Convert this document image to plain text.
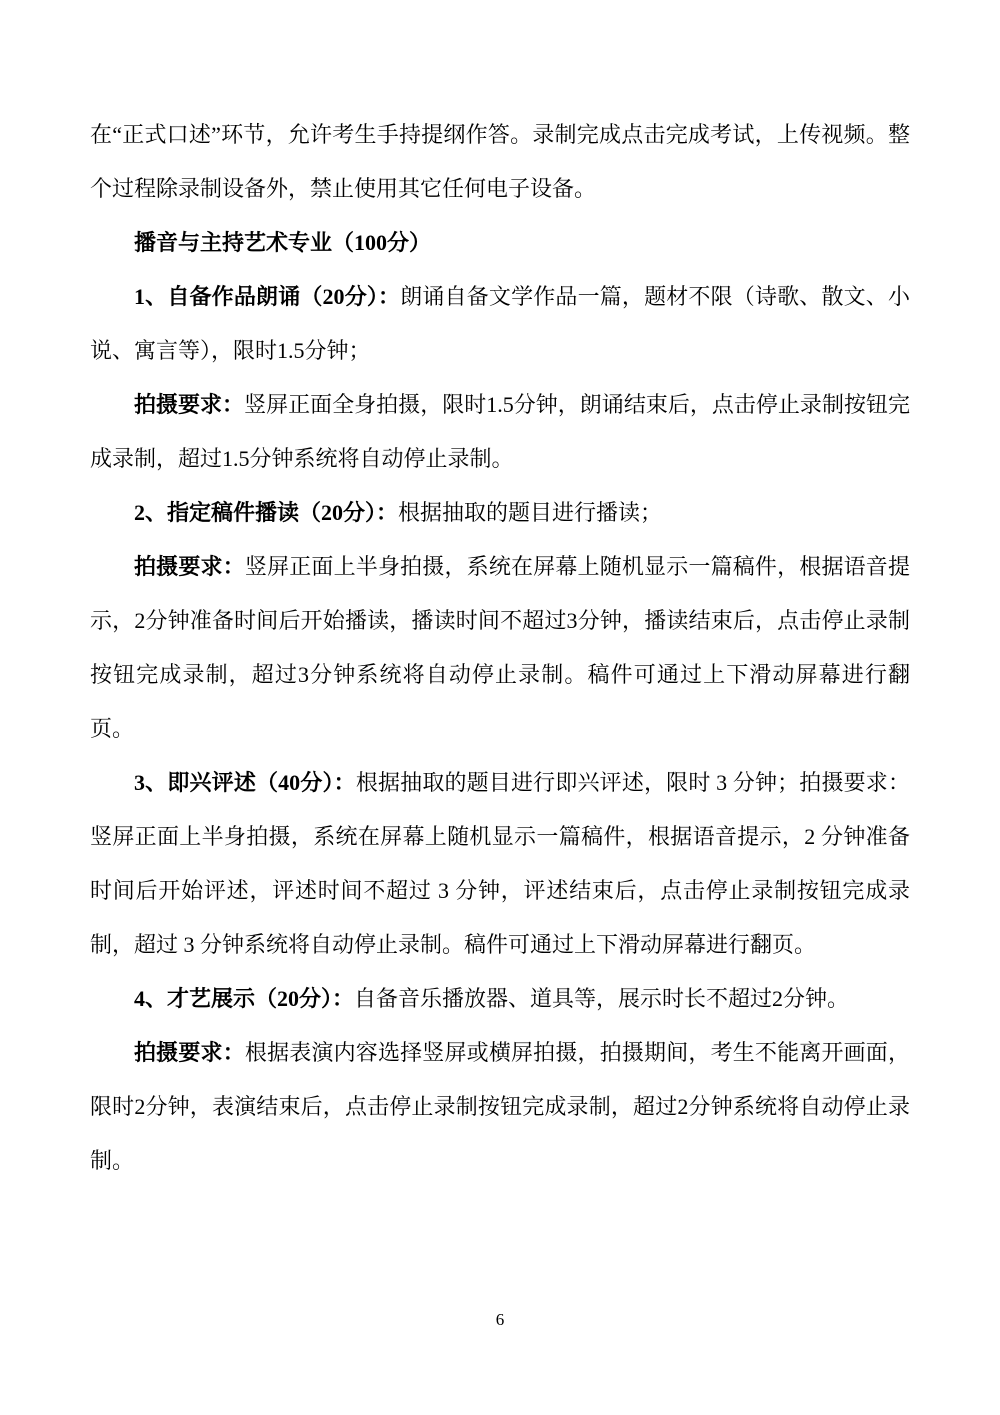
在“正式口述”环节，允许考生手持提纲作答。录制完成点击完成考试，上传视频。整个过程除录制设备外，禁止使用其它任何电子设备。

播音与主持艺术专业（100分）

1、自备作品朗诵（20分）：朗诵自备文学作品一篇，题材不限（诗歌、散文、小说、寓言等），限时1.5分钟；

拍摄要求：竖屏正面全身拍摄，限时1.5分钟，朗诵结束后，点击停止录制按钮完成录制，超过1.5分钟系统将自动停止录制。

2、指定稿件播读（20分）：根据抽取的题目进行播读；

拍摄要求：竖屏正面上半身拍摄，系统在屏幕上随机显示一篇稿件，根据语音提示，2分钟准备时间后开始播读，播读时间不超过3分钟，播读结束后，点击停止录制按钮完成录制，超过3分钟系统将自动停止录制。稿件可通过上下滑动屏幕进行翻页。

3、即兴评述（40分）：根据抽取的题目进行即兴评述，限时 3 分钟；拍摄要求：竖屏正面上半身拍摄，系统在屏幕上随机显示一篇稿件，根据语音提示，2 分钟准备时间后开始评述，评述时间不超过 3 分钟，评述结束后，点击停止录制按钮完成录制，超过 3 分钟系统将自动停止录制。稿件可通过上下滑动屏幕进行翻页。

4、才艺展示（20分）：自备音乐播放器、道具等，展示时长不超过2分钟。

拍摄要求：根据表演内容选择竖屏或横屏拍摄，拍摄期间，考生不能离开画面，限时2分钟，表演结束后，点击停止录制按钮完成录制，超过2分钟系统将自动停止录制。

6
